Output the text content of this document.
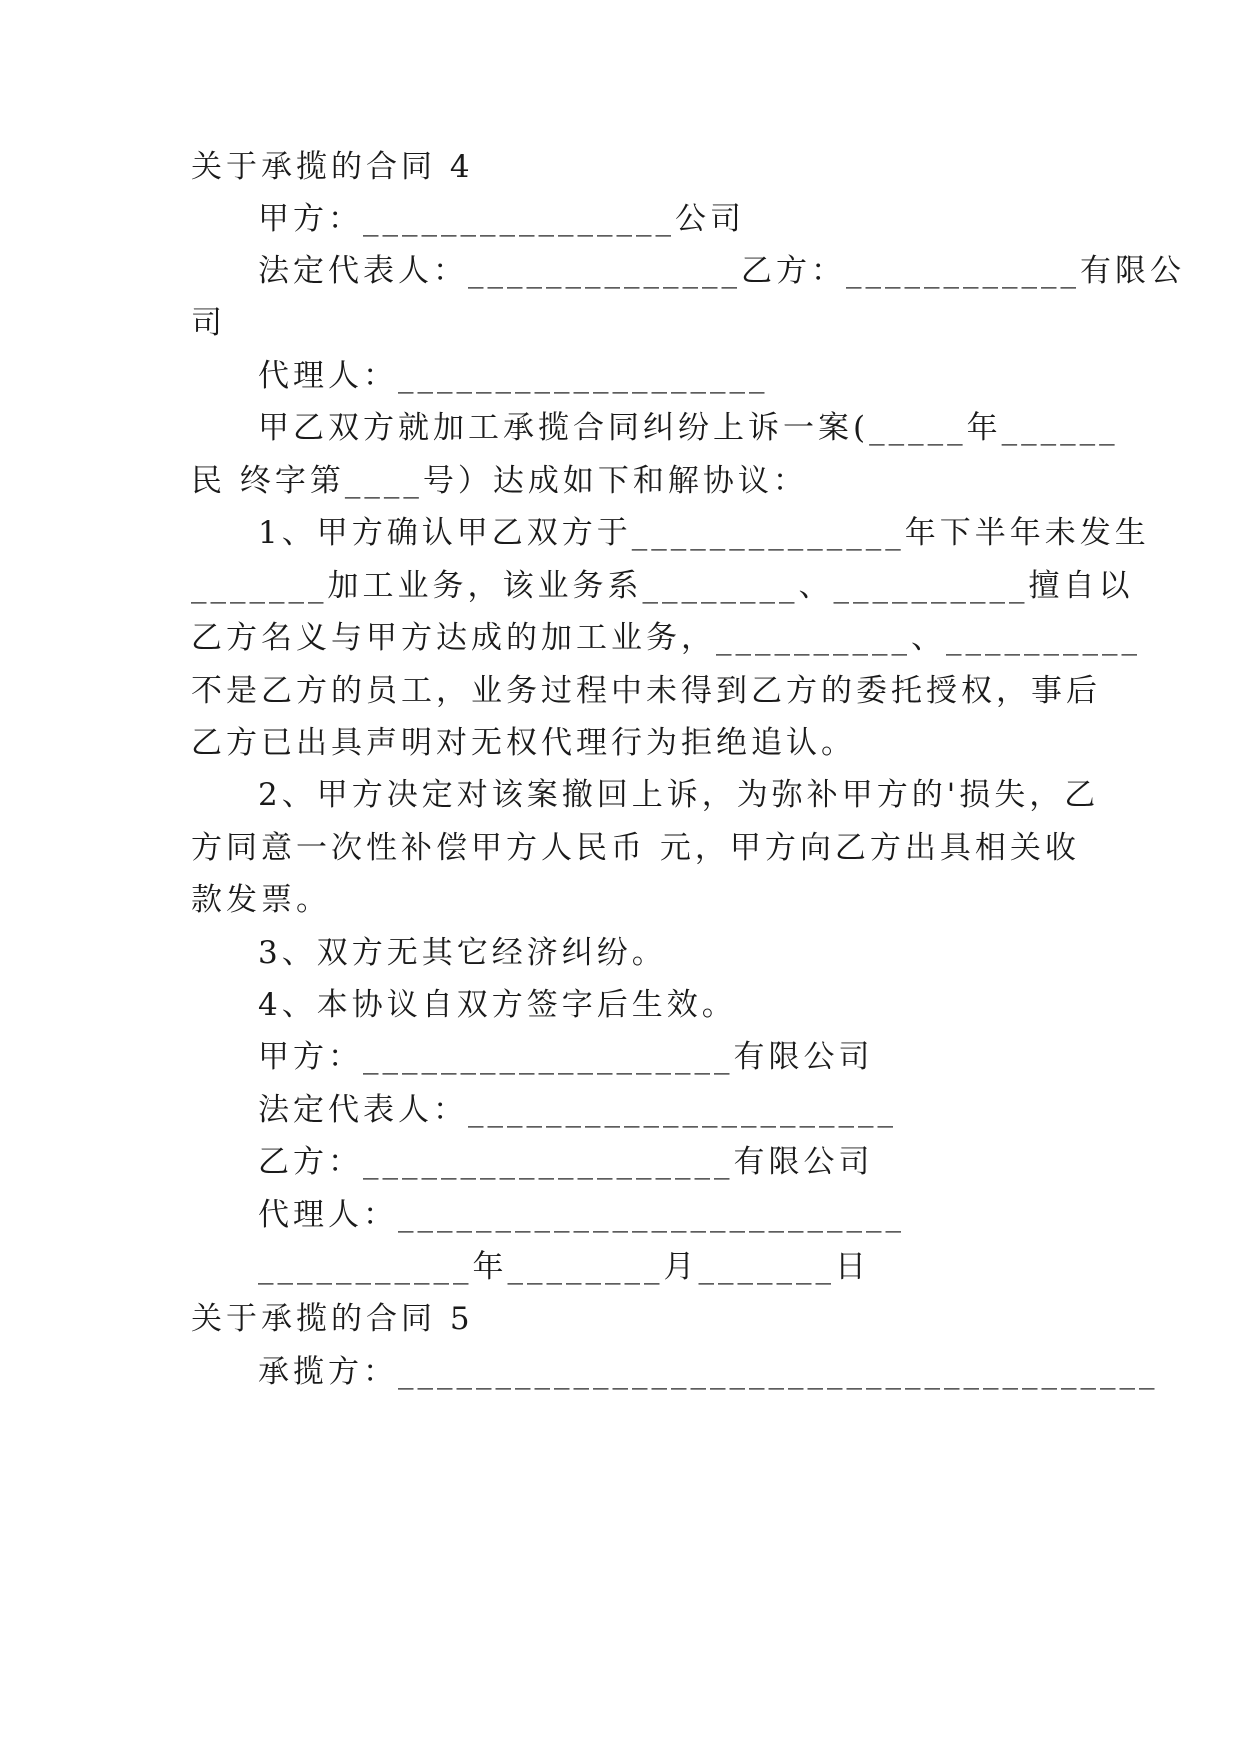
关于承揽的合同 4
甲方：________________公司
法定代表人：______________乙方：____________有限公
司
代理人：___________________
甲乙双方就加工承揽合同纠纷上诉一案(_____年______
民 终字第____号）达成如下和解协议：
1、甲方确认甲乙双方于______________年下半年未发生
_______加工业务，该业务系________、__________擅自以
乙方名义与甲方达成的加工业务，__________、__________
不是乙方的员工，业务过程中未得到乙方的委托授权，事后
乙方已出具声明对无权代理行为拒绝追认。
2、甲方决定对该案撤回上诉，为弥补甲方的'损失，乙
方同意一次性补偿甲方人民币 元，甲方向乙方出具相关收
款发票。
3、双方无其它经济纠纷。
4、本协议自双方签字后生效。
甲方：___________________有限公司
法定代表人：______________________
乙方：___________________有限公司
代理人：__________________________
___________年________月_______日
关于承揽的合同 5
承揽方：_______________________________________
